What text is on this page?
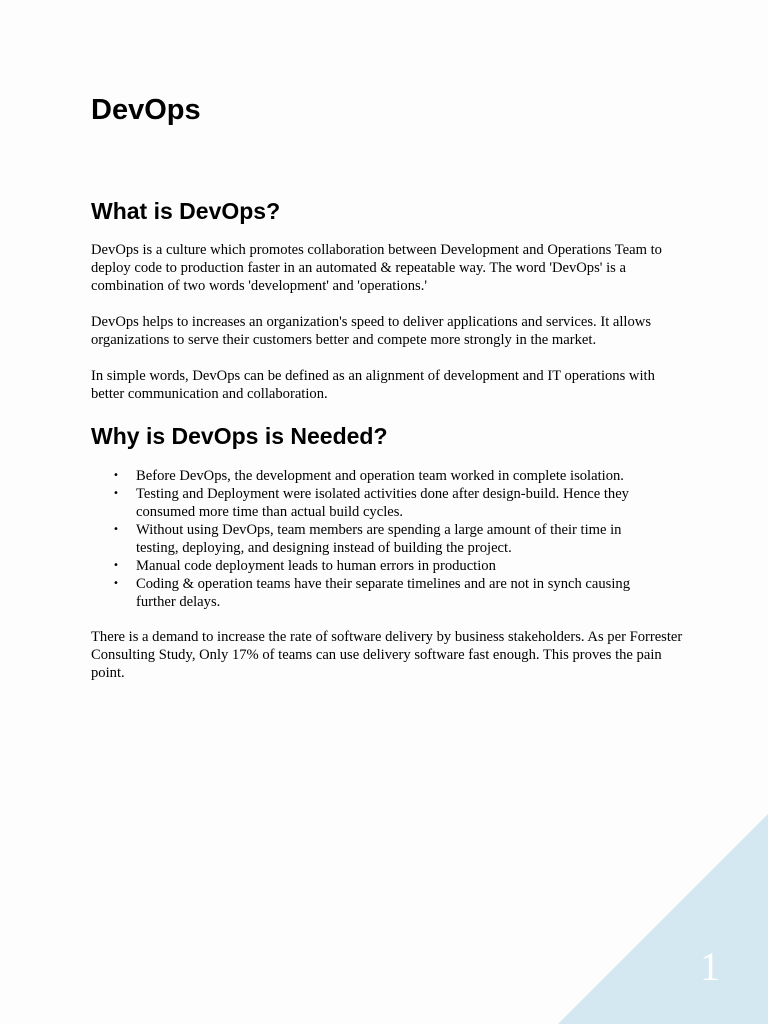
DevOps
What is DevOps?

DevOps is a culture which promotes collaboration between Development and Operations Team to deploy code to production faster in an automated & repeatable way. The word 'DevOps' is a combination of two words 'development' and 'operations.'

DevOps helps to increases an organization's speed to deliver applications and services. It allows organizations to serve their customers better and compete more strongly in the market.

In simple words, DevOps can be defined as an alignment of development and IT operations with better communication and collaboration.

Why is DevOps is Needed?
• Before DevOps, the development and operation team worked in complete isolation.
• Testing and Deployment were isolated activities done after design-build. Hence they consumed more time than actual build cycles.
• Without using DevOps, team members are spending a large amount of their time in testing, deploying, and designing instead of building the project.
• Manual code deployment leads to human errors in production
• Coding & operation teams have their separate timelines and are not in synch causing further delays.

There is a demand to increase the rate of software delivery by business stakeholders. As per Forrester Consulting Study, Only 17% of teams can use delivery software fast enough. This proves the pain point.

1
